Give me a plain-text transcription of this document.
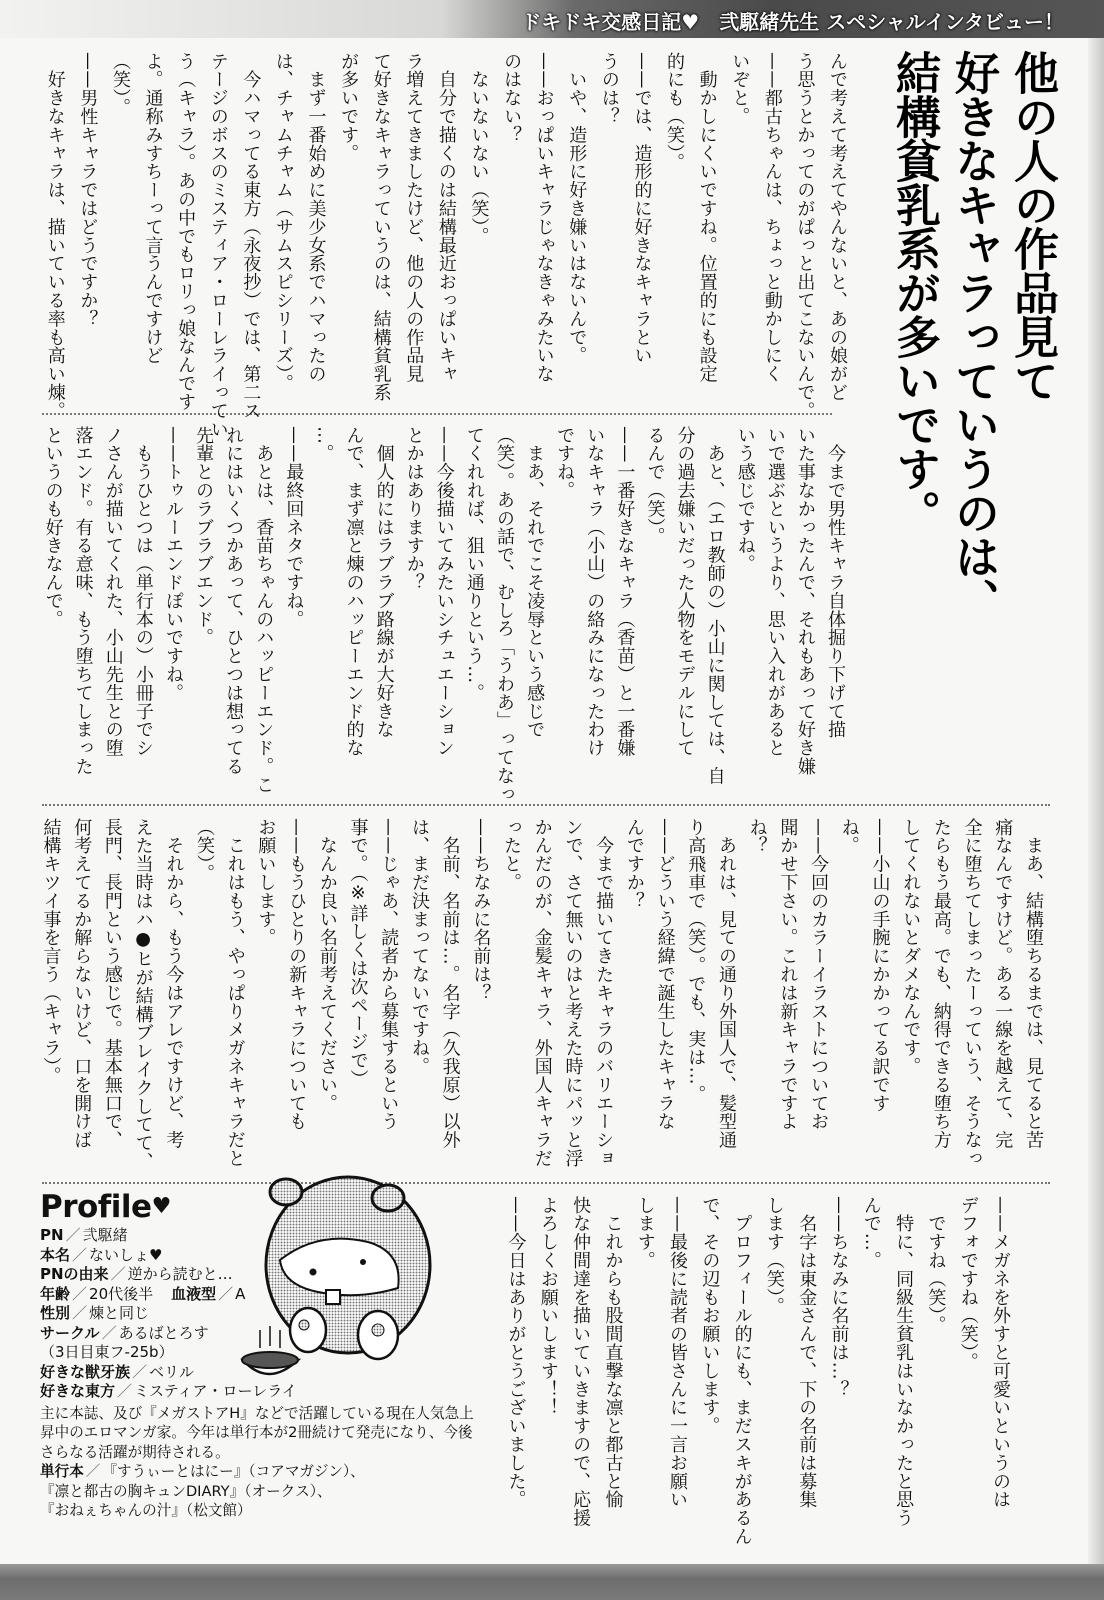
ドキドキ交感日記♥　弐駆緒先生 スペシャルインタビュー！
他の人の作品見て
好きなキャラっていうのは、
結構貧乳系が多いです。
んで考えて考えてやんないと、あの娘がど
う思うとかってのがぱっと出てこないんで。
——都古ちゃんは、ちょっと動かしにく
いぞと。
　動かしにくいですね。位置的にも設定
的にも（笑）。
——では、造形的に好きなキャラとい
うのは？
　いや、造形に好き嫌いはないんで。
——おっぱいキャラじゃなきゃみたいな
のはない？
　ないないない（笑）。
　自分で描くのは結構最近おっぱいキャ
ラ増えてきましたけど、他の人の作品見
て好きなキャラっていうのは、結構貧乳系
が多いです。
　まず一番始めに美少女系でハマったの
は、チャムチャム（サムスピシリーズ）。
　今ハマってる東方（永夜抄）では、第二ス
テージのボスのミスティア・ローレライってい
う（キャラ）。あの中でもロリっ娘なんです
よ。通称みすちーって言うんですけど
（笑）。
——男性キャラではどうですか？
　好きなキャラは、描いている率も高い煉。
　今まで男性キャラ自体掘り下げて描
いた事なかったんで、それもあって好き嫌
いで選ぶというより、思い入れがあると
いう感じですね。
　あと、（エロ教師の）小山に関しては、自
分の過去嫌いだった人物をモデルにして
るんで（笑）。
——一番好きなキャラ（香苗）と一番嫌
いなキャラ（小山）の絡みになったわけ
ですね。
　まあ、それでこそ凌辱という感じで
（笑）。あの話で、むしろ「うわあ」ってなっ
てくれれば、狙い通りという…。
——今後描いてみたいシチュエーション
とかはありますか？
　個人的にはラブラブ路線が大好きな
んで、まず凛と煉のハッピーエンド的な
…。
——最終回ネタですね。
　あとは、香苗ちゃんのハッピーエンド。こ
れにはいくつかあって、ひとつは想ってる
先輩とのラブラブエンド。
——トゥルーエンドぽいですね。
　もうひとつは（単行本の）小冊子でシ
ノさんが描いてくれた、小山先生との堕
落エンド。有る意味、もう堕ちてしまった
というのも好きなんで。
　まあ、結構堕ちるまでは、見てると苦
痛なんですけど。ある一線を越えて、完
全に堕ちてしまったーっていう、そうなっ
たらもう最高。でも、納得できる堕ち方
してくれないとダメなんです。
——小山の手腕にかかってる訳です
ね。
——今回のカラーイラストについてお
聞かせ下さい。これは新キャラですよ
ね？
　あれは、見ての通り外国人で、髪型通
り高飛車で（笑）。でも、実は…。
——どういう経緯で誕生したキャラな
んですか？
　今まで描いてきたキャラのバリエーショ
ンで、さて無いのはと考えた時にパッと浮
かんだのが、金髪キャラ、外国人キャラだ
ったと。
——ちなみに名前は？
　名前、名前は…。名字（久我原）以外
は、まだ決まってないですね。
——じゃあ、読者から募集するという
事で。（※詳しくは次ページで）
　なんか良い名前考えてください。
——もうひとりの新キャラについても
お願いします。
　これはもう、やっぱりメガネキャラだと
（笑）。
　それから、もう今はアレですけど、考
えた当時はハ●ヒが結構ブレイクしてて、
長門、長門という感じで。基本無口で、
何考えてるか解らないけど、口を開けば
結構キツイ事を言う（キャラ）。
——メガネを外すと可愛いというのは
デフォですね（笑）。
　ですね（笑）。
　特に、同級生貧乳はいなかったと思う
んで…。
——ちなみに名前は…？
　名字は東金さんで、下の名前は募集
します（笑）。
　プロフィール的にも、まだスキがあるん
で、その辺もお願いします。
——最後に読者の皆さんに一言お願い
します。
　これからも股間直撃な凛と都古と愉
快な仲間達を描いていきますので、応援
よろしくお願いします！！
——今日はありがとうございました。
Profile♥
PN ／ 弐駆緒
本名 ／ ないしょ♥
PNの由来 ／ 逆から読むと…
年齢 ／ 20代後半 血液型 ／ A
性別 ／ 煉と同じ
サークル ／ あるばとろす
（3日目東フ-25b）
好きな獣牙族 ／ ベリル
好きな東方 ／ ミスティア・ローレライ
主に本誌、及び『メガストアH』などで活躍している現在人気急上昇中のエロマンガ家。今年は単行本が2冊続けて発売になり、今後さらなる活躍が期待される。
単行本 ／ 『すうぃーとはにー』（コアマガジン）、
『凛と都古の胸キュンDIARY』（オークス）、
『おねぇちゃんの汁』（松文館）
